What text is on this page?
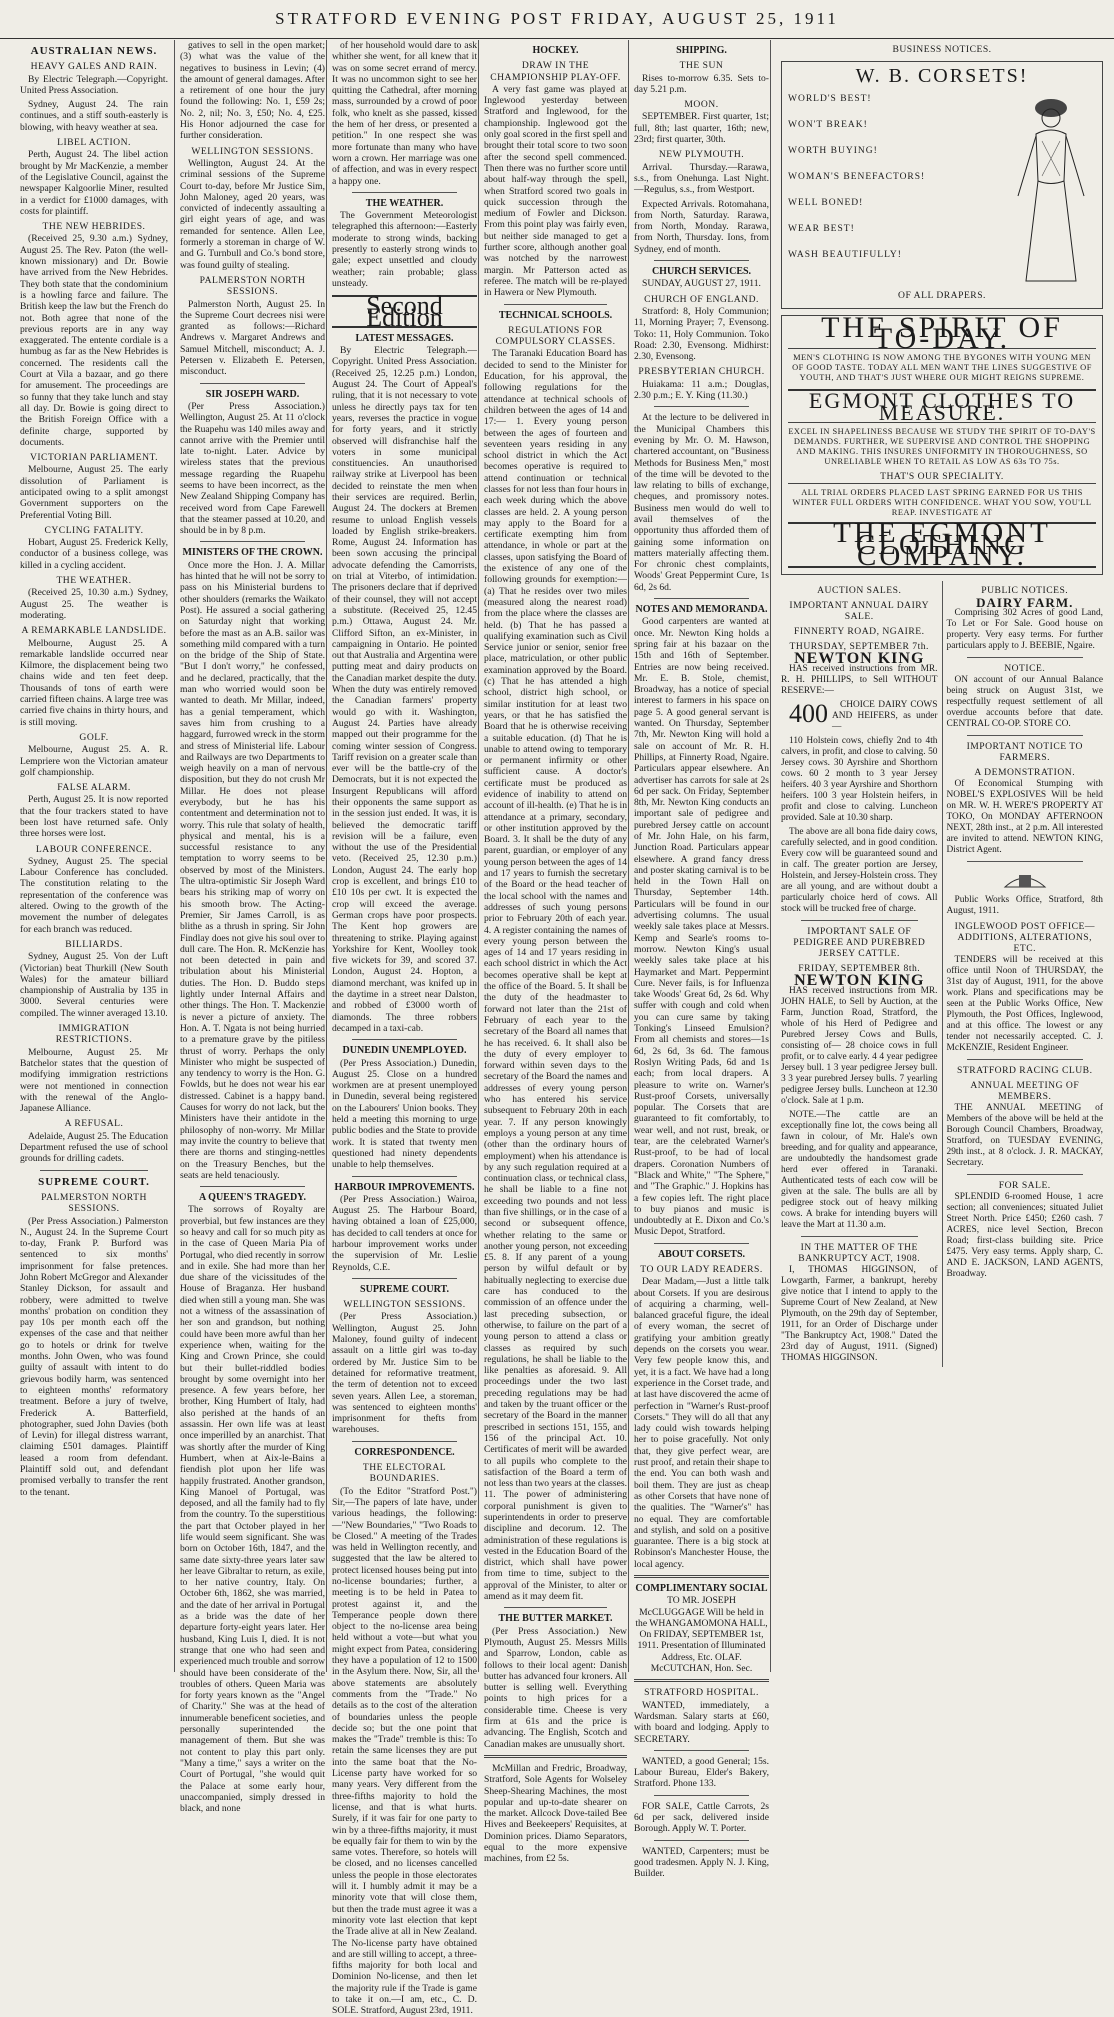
STRATFORD EVENING POST FRIDAY, AUGUST 25, 1911
AUSTRALIAN NEWS.
HEAVY GALES AND RAIN.

By Electric Telegraph.—Copyright. United Press Association.

Sydney, August 24. The rain continues, and a stiff south-easterly is blowing, with heavy weather at sea.

LIBEL ACTION.

Perth, August 24. The libel action brought by Mr MacKenzie, a member of the Legislative Council, against the newspaper Kalgoorlie Miner, resulted in a verdict for £1000 damages, with costs for plaintiff.

THE NEW HEBRIDES.

(Received 25, 9.30 a.m.) Sydney, August 25. The Rev. Paton (the well-known missionary) and Dr. Bowie have arrived from the New Hebrides. They both state that the condominium is a howling farce and failure. The British keep the law but the French do not. Both agree that none of the previous reports are in any way exaggerated. The entente cordiale is a humbug as far as the New Hebrides is concerned. The residents call the Court at Vila a bazaar, and go there for amusement. The proceedings are so funny that they take lunch and stay all day. Dr. Bowie is going direct to the British Foreign Office with a definite charge, supported by documents.

VICTORIAN PARLIAMENT.

Melbourne, August 25. The early dissolution of Parliament is anticipated owing to a split amongst Government supporters on the Preferential Voting Bill.

CYCLING FATALITY.

Hobart, August 25. Frederick Kelly, conductor of a business college, was killed in a cycling accident.

THE WEATHER.

(Received 25, 10.30 a.m.) Sydney, August 25. The weather is moderating.

A REMARKABLE LANDSLIDE.

Melbourne, August 25. A remarkable landslide occurred near Kilmore, the displacement being two chains wide and ten feet deep. Thousands of tons of earth were carried fifteen chains. A large tree was carried five chains in thirty hours, and is still moving.

GOLF.

Melbourne, August 25. A. R. Lempriere won the Victorian amateur golf championship.

FALSE ALARM.

Perth, August 25. It is now reported that the four trackers stated to have been lost have returned safe. Only three horses were lost.

LABOUR CONFERENCE.

Sydney, August 25. The special Labour Conference has concluded. The constitution relating to the representation of the conference was altered. Owing to the growth of the movement the number of delegates for each branch was reduced.

BILLIARDS.

Sydney, August 25. Von der Luft (Victorian) beat Thurkill (New South Wales) for the amateur billiard championship of Australia by 135 in 3000. Several centuries were compiled. The winner averaged 13.10.

IMMIGRATION RESTRICTIONS.

Melbourne, August 25. Mr Batchelor states that the question of modifying immigration restrictions were not mentioned in connection with the renewal of the Anglo-Japanese Alliance.

A REFUSAL.

Adelaide, August 25. The Education Department refused the use of school grounds for drilling cadets.

SUPREME COURT.
PALMERSTON NORTH SESSIONS.

(Per Press Association.) Palmerston N., August 24. In the Supreme Court to-day, Frank P. Burford was sentenced to six months' imprisonment for false pretences. John Robert McGregor and Alexander Stanley Dickson, for assault and robbery, were admitted to twelve months' probation on condition they pay 10s per month each off the expenses of the case and that neither go to hotels or drink for twelve months. John Owen, who was found guilty of assault with intent to do grievous bodily harm, was sentenced to eighteen months' reformatory treatment. Before a jury of twelve, Frederick A. Batterfield, photographer, sued John Davies (both of Levin) for illegal distress warrant, claiming £501 damages. Plaintiff leased a room from defendant. Plaintiff sold out, and defendant promised verbally to transfer the rent to the tenant.

gatives to sell in the open market; (3) what was the value of the negatives to business in Levin; (4) the amount of general damages. After a retirement of one hour the jury found the following: No. 1, £59 2s; No. 2, nil; No. 3, £50; No. 4, £25. His Honor adjourned the case for further consideration.

WELLINGTON SESSIONS.

Wellington, August 24. At the criminal sessions of the Supreme Court to-day, before Mr Justice Sim, John Maloney, aged 20 years, was convicted of indecently assaulting a girl eight years of age, and was remanded for sentence. Allen Lee, formerly a storeman in charge of W. and G. Turnbull and Co.'s bond store, was found guilty of stealing.

PALMERSTON NORTH SESSIONS.

Palmerston North, August 25. In the Supreme Court decrees nisi were granted as follows:—Richard Andrews v. Margaret Andrews and Samuel Mitchell, misconduct; A. J. Petersen v. Elizabeth E. Petersen, misconduct.

SIR JOSEPH WARD.

(Per Press Association.) Wellington, August 25. At 11 o'clock the Ruapehu was 140 miles away and cannot arrive with the Premier until late to-night. Later. Advice by wireless states that the previous message regarding the Ruapehu seems to have been incorrect, as the New Zealand Shipping Company has received word from Cape Farewell that the steamer passed at 10.20, and should be in by 8 p.m.

MINISTERS OF THE CROWN.

Once more the Hon. J. A. Millar has hinted that he will not be sorry to pass on his Ministerial burdens to other shoulders (remarks the Waikato Post). He assured a social gathering on Saturday night that working before the mast as an A.B. sailor was something mild compared with a turn on the bridge of the Ship of State. "But I don't worry," he confessed, and he declared, practically, that the man who worried would soon be wanted to death. Mr Millar, indeed, has a genial temperament, which saves him from crushing to a haggard, furrowed wreck in the storm and stress of Ministerial life. Labour and Railways are two Departments to weigh heavily on a man of nervous disposition, but they do not crush Mr Millar. He does not please everybody, but he has his contentment and determination not to worry. This rule that solaty of health, physical and mental, his is a successful resistance to any temptation to worry seems to be observed by most of the Ministers. The ultra-optimistic Sir Joseph Ward bears his striking map of worry on his smooth brow. The Acting-Premier, Sir James Carroll, is as blithe as a thrush in spring. Sir John Findlay does not give his soul over to dull care. The Hon. R. McKenzie has not been detected in pain and tribulation about his Ministerial duties. The Hon. D. Buddo steps lightly under Internal Affairs and other things. The Hon. T. Mackenzie is never a picture of anxiety. The Hon. A. T. Ngata is not being hurried to a premature grave by the pitiless thrust of worry. Perhaps the only Minister who might be suspected of any tendency to worry is the Hon. G. Fowlds, but he does not wear his ear distressed. Cabinet is a happy band. Causes for worry do not lack, but the Ministers have their antidote in the philosophy of non-worry. Mr Millar may invite the country to believe that there are thorns and stinging-nettles on the Treasury Benches, but the seats are held tenaciously.

A QUEEN'S TRAGEDY.

The sorrows of Royalty are proverbial, but few instances are they so heavy and call for so much pity as in the case of Queen Maria Pia of Portugal, who died recently in sorrow and in exile. She had more than her due share of the vicissitudes of the House of Braganza. Her husband died when still a young man. She was not a witness of the assassination of her son and grandson, but nothing could have been more awful than her experience when, waiting for the King and Crown Prince, she could but their bullet-riddled bodies brought by some overnight into her presence. A few years before, her brother, King Humbert of Italy, had also perished at the hands of an assassin. Her own life was at least once imperilled by an anarchist. That was shortly after the murder of King Humbert, when at Aix-le-Bains a fiendish plot upon her life was happily frustrated. Another grandson, King Manoel of Portugal, was deposed, and all the family had to fly from the country. To the superstitious the part that October played in her life would seem significant. She was born on October 16th, 1847, and the same date sixty-three years later saw her leave Gibraltar to return, as exile, to her native country, Italy. On October 6th, 1862, she was married, and the date of her arrival in Portugal as a bride was the date of her departure forty-eight years later. Her husband, King Luis I, died. It is not strange that one who had seen and experienced much trouble and sorrow should have been considerate of the troubles of others. Queen Maria was for forty years known as the "Angel of Charity." She was at the head of innumerable beneficent societies, and personally superintended the management of them. But she was not content to play this part only. "Many a time," says a writer on the Court of Portugal, "she would quit the Palace at some early hour, unaccompanied, simply dressed in black, and none

of her household would dare to ask whither she went, for all knew that it was on some secret errand of mercy. It was no uncommon sight to see her quitting the Cathedral, after morning mass, surrounded by a crowd of poor folk, who knelt as she passed, kissed the hem of her dress, or presented a petition." In one respect she was more fortunate than many who have worn a crown. Her marriage was one of affection, and was in every respect a happy one.

THE WEATHER.

The Government Meteorologist telegraphed this afternoon:—Easterly moderate to strong winds, backing presently to easterly strong winds to gale; expect unsettled and cloudy weather; rain probable; glass unsteady.

Second Edition
LATEST MESSAGES.

By Electric Telegraph.—Copyright. United Press Association. (Received 25, 12.25 p.m.) London, August 24. The Court of Appeal's ruling, that it is not necessary to vote unless he directly pays tax for ten years, reverses the practice in vogue for forty years, and it strictly observed will disfranchise half the voters in some municipal constituencies. An unauthorised railway strike at Liverpool has been decided to reinstate the men when their services are required. Berlin, August 24. The dockers at Bremen resume to unload English vessels loaded by English strike-breakers. Rome, August 24. Information has been sown accusing the principal advocate defending the Camorrists, on trial at Viterbo, of intimidation. The prisoners declare that if deprived of their counsel, they will not accept a substitute. (Received 25, 12.45 p.m.) Ottawa, August 24. Mr. Clifford Sifton, an ex-Minister, in campaigning in Ontario. He pointed out that Australia and Argentina were putting meat and dairy products on the Canadian market despite the duty. When the duty was entirely removed the Canadian farmers' property would go with it. Washington, August 24. Parties have already mapped out their programme for the coming winter session of Congress. Tariff revision on a greater scale than ever will be the battle-cry of the Democrats, but it is not expected the Insurgent Republicans will afford their opponents the same support as in the session just ended. It was, it is believed the democratic tariff revision will be a failure, even without the use of the Presidential veto. (Received 25, 12.30 p.m.) London, August 24. The early hop crop is excellent, and brings £10 to £10 10s per cwt. It is expected the crop will exceed the average. German crops have poor prospects. The Kent hop growers are threatening to strike. Playing against Yorkshire for Kent, Woolley took five wickets for 39, and scored 37. London, August 24. Hopton, a diamond merchant, was knifed up in the daytime in a street near Dalston, and robbed of £3000 worth of diamonds. The three robbers decamped in a taxi-cab.

DUNEDIN UNEMPLOYED.

(Per Press Association.) Dunedin, August 25. Close on a hundred workmen are at present unemployed in Dunedin, several being registered on the Labourers' Union books. They held a meeting this morning to urge public bodies and the State to provide work. It is stated that twenty men questioned had ninety dependents unable to help themselves.

HARBOUR IMPROVEMENTS.

(Per Press Association.) Wairoa, August 25. The Harbour Board, having obtained a loan of £25,000, has decided to call tenders at once for harbour improvement works under the supervision of Mr. Leslie Reynolds, C.E.

SUPREME COURT.
WELLINGTON SESSIONS.

(Per Press Association.) Wellington, August 25. John Maloney, found guilty of indecent assault on a little girl was to-day ordered by Mr. Justice Sim to be detained for reformative treatment, the term of detention not to exceed seven years. Allen Lee, a storeman, was sentenced to eighteen months' imprisonment for thefts from warehouses.

CORRESPONDENCE.
THE ELECTORAL BOUNDARIES.

(To the Editor "Stratford Post.") Sir,—The papers of late have, under various headings, the following:—"New Boundaries," "Two Roads to be Closed." A meeting of the Trades was held in Wellington recently, and suggested that the law be altered to protect licensed houses being put into no-license boundaries; further, a meeting is to be held in Patea to protest against it, and the Temperance people down there object to the no-license area being held without a vote—but what you might expect from Patea, considering they have a population of 12 to 1500 in the Asylum there. Now, Sir, all the above statements are absolutely comments from the "Trade." No details as to the cost of the alteration of boundaries unless the people decide so; but the one point that makes the "Trade" tremble is this: To retain the same licenses they are put into the same boat that the No-License party have worked for so many years. Very different from the three-fifths majority to hold the license, and that is what hurts. Surely, if it was fair for one party to win by a three-fifths majority, it must be equally fair for them to win by the same votes. Therefore, so hotels will be closed, and no licenses cancelled unless the people in those electorates will it. I humbly admit it may be a minority vote that will close them, but then the trade must agree it was a minority vote last election that kept the Trade alive at all in New Zealand. The No-license party have obtained and are still willing to accept, a three-fifths majority for both local and Dominion No-license, and then let the majority rule if the Trade is game to take it on.—I am, etc., C. D. SOLE. Stratford, August 23rd, 1911.

HOCKEY.
DRAW IN THE CHAMPIONSHIP PLAY-OFF.

A very fast game was played at Inglewood yesterday between Stratford and Inglewood, for the championship. Inglewood got the only goal scored in the first spell and brought their total score to two soon after the second spell commenced. Then there was no further score until about half-way through the spell, when Stratford scored two goals in quick succession through the medium of Fowler and Dickson. From this point play was fairly even, but neither side managed to get a further score, although another goal was notched by the narrowest margin. Mr Patterson acted as referee. The match will be re-played in Hawera or New Plymouth.

TECHNICAL SCHOOLS.
REGULATIONS FOR COMPULSORY CLASSES.

The Taranaki Education Board has decided to send to the Minister for Education, for his approval, the following regulations for the attendance at technical schools of children between the ages of 14 and 17:— 1. Every young person between the ages of fourteen and seventeen years residing in any school district in which the Act becomes operative is required to attend continuation or technical classes for not less than four hours in each week during which the above classes are held. 2. A young person may apply to the Board for a certificate exempting him from attendance, in whole or part at the classes, upon satisfying the Board of the existence of any one of the following grounds for exemption:— (a) That he resides over two miles (measured along the nearest road) from the place where the classes are held. (b) That he has passed a qualifying examination such as Civil Service junior or senior, senior free place, matriculation, or other public examination approved by the Board. (c) That he has attended a high school, district high school, or similar institution for at least two years, or that he has satisfied the Board that he is otherwise receiving a suitable education. (d) That he is unable to attend owing to temporary or permanent infirmity or other sufficient cause. A doctor's certificate must be produced as evidence of inability to attend on account of ill-health. (e) That he is in attendance at a primary, secondary, or other institution approved by the Board. 3. It shall be the duty of any parent, guardian, or employer of any young person between the ages of 14 and 17 years to furnish the secretary of the Board or the head teacher of the local school with the names and addresses of such young persons prior to February 20th of each year. 4. A register containing the names of every young person between the ages of 14 and 17 years residing in each school district in which the Act becomes operative shall be kept at the office of the Board. 5. It shall be the duty of the headmaster to forward not later than the 21st of February of each year to the secretary of the Board all names that he has received. 6. It shall also be the duty of every employer to forward within seven days to the secretary of the Board the names and addresses of every young person who has entered his service subsequent to February 20th in each year. 7. If any person knowingly employs a young person at any time (other than the ordinary hours of employment) when his attendance is by any such regulation required at a continuation class, or technical class, he shall be liable to a fine not exceeding two pounds and not less than five shillings, or in the case of a second or subsequent offence, whether relating to the same or another young person, not exceeding £5. 8. If any parent of a young person by wilful default or by habitually neglecting to exercise due care has conduced to the commission of an offence under the last preceding subsection, or otherwise, to failure on the part of a young person to attend a class or classes as required by such regulations, he shall be liable to the like penalties as aforesaid. 9. All proceedings under the two last preceding regulations may be had and taken by the truant officer or the secretary of the Board in the manner prescribed in sections 151, 155, and 156 of the principal Act. 10. Certificates of merit will be awarded to all pupils who complete to the satisfaction of the Board a term of not less than two years at the classes. 11. The power of administering corporal punishment is given to superintendents in order to preserve discipline and decorum. 12. The administration of these regulations is vested in the Education Board of the district, which shall have power from time to time, subject to the approval of the Minister, to alter or amend as it may deem fit.

THE BUTTER MARKET.

(Per Press Association.) New Plymouth, August 25. Messrs Mills and Sparrow, London, cable as follows to their local agent: Danish butter has advanced four kroners. All butter is selling well. Everything points to high prices for a considerable time. Cheese is very firm at 61s and the price is advancing. The English, Scotch and Canadian makes are unusually short.

McMillan and Fredric, Broadway, Stratford, Sole Agents for Wolseley Sheep-Shearing Machines, the most popular and up-to-date shearer on the market. Allcock Dove-tailed Bee Hives and Beekeepers' Requisites, at Dominion prices. Diamo Separators, equal to the more expensive machines, from £2 5s.

SHIPPING.
THE SUN

Rises to-morrow 6.35. Sets to-day 5.21 p.m.

MOON.

SEPTEMBER. First quarter, 1st; full, 8th; last quarter, 16th; new, 23rd; first quarter, 30th.

NEW PLYMOUTH.

Arrival. Thursday.—Rarawa, s.s., from Onehunga. Last Night.—Regulus, s.s., from Westport.

Expected Arrivals. Rotomahana, from North, Saturday. Rarawa, from North, Monday. Rarawa, from North, Thursday. Ions, from Sydney, end of month.

CHURCH SERVICES.

SUNDAY, AUGUST 27, 1911.

CHURCH OF ENGLAND.

Stratford: 8, Holy Communion; 11, Morning Prayer; 7, Evensong. Toko: 11, Holy Communion. Toko Road: 2.30, Evensong. Midhirst: 2.30, Evensong.

PRESBYTERIAN CHURCH.

Huiakama: 11 a.m.; Douglas, 2.30 p.m.; E. Y. King (11.30.)

At the lecture to be delivered in the Municipal Chambers this evening by Mr. O. M. Hawson, chartered accountant, on "Business Methods for Business Men," most of the time will be devoted to the law relating to bills of exchange, cheques, and promissory notes. Business men would do well to avail themselves of the opportunity thus afforded them of gaining some information on matters materially affecting them. For chronic chest complaints, Woods' Great Peppermint Cure, 1s 6d, 2s 6d.

NOTES AND MEMORANDA.

Good carpenters are wanted at once. Mr. Newton King holds a spring fair at his bazaar on the 15th and 16th of September. Entries are now being received. Mr. E. B. Stole, chemist, Broadway, has a notice of special interest to farmers in his space on page 5. A good general servant is wanted. On Thursday, September 7th, Mr. Newton King will hold a sale on account of Mr. R. H. Phillips, at Finnerty Road, Ngaire. Particulars appear elsewhere. An advertiser has carrots for sale at 2s 6d per sack. On Friday, September 8th, Mr. Newton King conducts an important sale of pedigree and purebred Jersey cattle on account of Mr. John Hale, on his farm, Junction Road. Particulars appear elsewhere. A grand fancy dress and poster skating carnival is to be held in the Town Hall on Thursday, September 14th. Particulars will be found in our advertising columns. The usual weekly sale takes place at Messrs. Kemp and Searle's rooms to-morrow. Newton King's usual weekly sales take place at his Haymarket and Mart. Peppermint Cure. Never fails, is for Influenza take Woods' Great 6d, 2s 6d. Why suffer with cough and cold when you can cure same by taking Tonking's Linseed Emulsion? From all chemists and stores—1s 6d, 2s 6d, 3s 6d. The famous Roslyn Writing Pads, 6d and 1s each; from local drapers. A pleasure to write on. Warner's Rust-proof Corsets, universally popular. The Corsets that are guaranteed to fit comfortably, to wear well, and not rust, break, or tear, are the celebrated Warner's Rust-proof, to be had of local drapers. Coronation Numbers of "Black and White," "The Sphere," and "The Graphic." J. Hopkins has a few copies left. The right place to buy pianos and music is undoubtedly at E. Dixon and Co.'s Music Depot, Stratford.

ABOUT CORSETS.
TO OUR LADY READERS.

Dear Madam,—Just a little talk about Corsets. If you are desirous of acquiring a charming, well-balanced graceful figure, the ideal of every woman, the secret of gratifying your ambition greatly depends on the corsets you wear. Very few people know this, and yet, it is a fact. We have had a long experience in the Corset trade, and at last have discovered the acme of perfection in "Warner's Rust-proof Corsets." They will do all that any lady could wish towards helping her to poise gracefully. Not only that, they give perfect wear, are rust proof, and retain their shape to the end. You can both wash and boil them. They are just as cheap as other Corsets that have none of the qualities. The "Warner's" has no equal. They are comfortable and stylish, and sold on a positive guarantee. There is a big stock at Robinson's Manchester House, the local agency.

COMPLIMENTARY SOCIAL

TO MR. JOSEPH McCLUGGAGE Will be held in the WHANGAMOMONA HALL, On FRIDAY, SEPTEMBER 1st, 1911. Presentation of Illuminated Address, Etc. OLAF. McCUTCHAN, Hon. Sec.

STRATFORD HOSPITAL.

WANTED, immediately, a Wardsman. Salary starts at £60, with board and lodging. Apply to SECRETARY.

WANTED, a good General; 15s. Labour Bureau, Elder's Bakery, Stratford. Phone 133.

FOR SALE, Cattle Carrots, 2s 6d per sack, delivered inside Borough. Apply W. T. Porter.

WANTED, Carpenters; must be good tradesmen. Apply N. J. King, Builder.

BUSINESS NOTICES.
W. B. CORSETS!
WORLD'S BEST!
WON'T BREAK!
WORTH BUYING!
WOMAN'S BENEFACTORS!
WELL BONED!
WEAR BEST!
WASH BEAUTIFULLY!
OF ALL DRAPERS.
THE SPIRIT OF TO-DAY.
MEN'S CLOTHING IS NOW AMONG THE BYGONES WITH YOUNG MEN OF GOOD TASTE. TODAY ALL MEN WANT THE LINES SUGGESTIVE OF YOUTH, AND THAT'S JUST WHERE OUR MIGHT REIGNS SUPREME.
EGMONT CLOTHES TO MEASURE.
EXCEL IN SHAPELINESS BECAUSE WE STUDY THE SPIRIT OF TO-DAY'S DEMANDS. FURTHER, WE SUPERVISE AND CONTROL THE SHOPPING AND MAKING. THIS INSURES UNIFORMITY IN THOROUGHNESS, SO UNRELIABLE WHEN TO RETAIL AS LOW AS 63s TO 75s.
THAT'S OUR SPECIALITY.
ALL TRIAL ORDERS PLACED LAST SPRING EARNED FOR US THIS WINTER FULL ORDERS WITH CONFIDENCE. WHAT YOU SOW, YOU'LL REAP. INVESTIGATE AT
THE EGMONT CLOTHING COMPANY.
AUCTION SALES.
IMPORTANT ANNUAL DAIRY SALE.
FINNERTY ROAD, NGAIRE.
THURSDAY, SEPTEMBER 7th.
NEWTON KING

HAS received instructions from MR. R. H. PHILLIPS, to Sell WITHOUT RESERVE:—

400 CHOICE DAIRY COWS AND HEIFERS, as under—

110 Holstein cows, chiefly 2nd to 4th calvers, in profit, and close to calving. 50 Jersey cows. 30 Ayrshire and Shorthorn cows. 60 2 month to 3 year Jersey heifers. 40 3 year Ayrshire and Shorthorn heifers. 100 3 year Holstein heifers, in profit and close to calving. Luncheon provided. Sale at 10.30 sharp.

The above are all bona fide dairy cows, carefully selected, and in good condition. Every cow will be guaranteed sound and in calf. The greater portion are Jersey, Holstein, and Jersey-Holstein cross. They are all young, and are without doubt a particularly choice herd of cows. All stock will be trucked free of charge.

IMPORTANT SALE OF PEDIGREE AND PUREBRED JERSEY CATTLE.
FRIDAY, SEPTEMBER 8th.
NEWTON KING

HAS received instructions from MR. JOHN HALE, to Sell by Auction, at the Farm, Junction Road, Stratford, the whole of his Herd of Pedigree and Purebred Jersey Cows and Bulls, consisting of— 28 choice cows in full profit, or to calve early. 4 4 year pedigree Jersey bull. 1 3 year pedigree Jersey bull. 3 3 year purebred Jersey bulls. 7 yearling pedigree Jersey bulls. Luncheon at 12.30 o'clock. Sale at 1 p.m.

NOTE.—The cattle are an exceptionally fine lot, the cows being all fawn in colour, of Mr. Hale's own breeding, and for quality and appearance, are undoubtedly the handsomest grade herd ever offered in Taranaki. Authenticated tests of each cow will be given at the sale. The bulls are all by pedigree stock out of heavy milking cows. A brake for intending buyers will leave the Mart at 11.30 a.m.

IN THE MATTER OF THE BANKRUPTCY ACT, 1908.

I, THOMAS HIGGINSON, of Lowgarth, Farmer, a bankrupt, hereby give notice that I intend to apply to the Supreme Court of New Zealand, at New Plymouth, on the 29th day of September, 1911, for an Order of Discharge under "The Bankruptcy Act, 1908." Dated the 23rd day of August, 1911. (Signed) THOMAS HIGGINSON.

PUBLIC NOTICES.
DAIRY FARM.

Comprising 302 Acres of good Land, To Let or For Sale. Good house on property. Very easy terms. For further particulars apply to J. BEEBIE, Ngaire.

NOTICE.

ON account of our Annual Balance being struck on August 31st, we respectfully request settlement of all overdue accounts before that date. CENTRAL CO-OP. STORE CO.

IMPORTANT NOTICE TO FARMERS.
A DEMONSTRATION.

Of Economical Stumping with NOBEL'S EXPLOSIVES Will be held on MR. W. H. WERE'S PROPERTY AT TOKO, On MONDAY AFTERNOON NEXT, 28th inst., at 2 p.m. All interested are invited to attend. NEWTON KING, District Agent.

Public Works Office, Stratford, 8th August, 1911.

INGLEWOOD POST OFFICE—ADDITIONS, ALTERATIONS, ETC.

TENDERS will be received at this office until Noon of THURSDAY, the 31st day of August, 1911, for the above work. Plans and specifications may be seen at the Public Works Office, New Plymouth, the Post Offices, Inglewood, and at this office. The lowest or any tender not necessarily accepted. C. J. McKENZIE, Resident Engineer.

STRATFORD RACING CLUB.
ANNUAL MEETING OF MEMBERS.

THE ANNUAL MEETING of Members of the above will be held at the Borough Council Chambers, Broadway, Stratford, on TUESDAY EVENING, 29th inst., at 8 o'clock. J. R. MACKAY, Secretary.

FOR SALE.

SPLENDID 6-roomed House, 1 acre section; all conveniences; situated Juliet Street North. Price £450; £260 cash. 7 ACRES, nice level Section, Brecon Road; first-class building site. Price £475. Very easy terms. Apply sharp, C. AND E. JACKSON, LAND AGENTS, Broadway.
